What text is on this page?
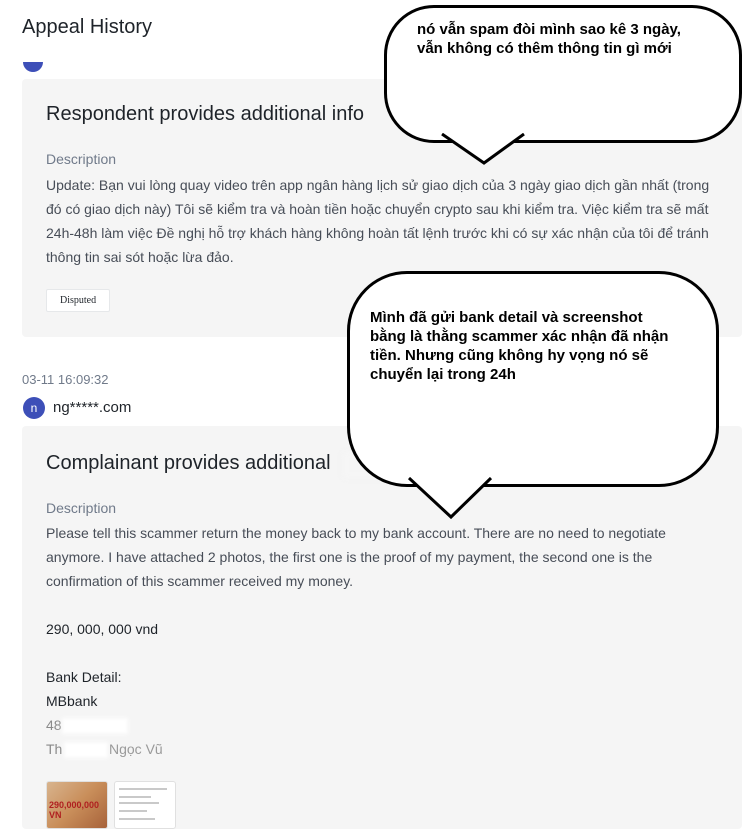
Appeal History
Respondent provides additional info
Description
Update: Bạn vui lòng quay video trên app ngân hàng lịch sử giao dịch của 3 ngày giao dịch gần nhất (trong đó có giao dịch này) Tôi sẽ kiểm tra và hoàn tiền hoặc chuyển crypto sau khi kiểm tra. Việc kiểm tra sẽ mất 24h-48h làm việc Đề nghị hỗ trợ khách hàng không hoàn tất lệnh trước khi có sự xác nhận của tôi để tránh thông tin sai sót hoặc lừa đảo.
Disputed
03-11 16:09:32
n	ng*****.com
Complainant provides additional
Description
Please tell this scammer return the money back to my bank account. There are no need to negotiate anymore. I have attached 2 photos, the first one is the proof of my payment, the second one is the confirmation of this scammer received my money.
290, 000, 000 vnd
Bank Detail:
MBbank
48
Th	Ngọc Vũ
290,000,000 VN
nó vẫn spam đòi mình sao kê 3 ngày, vẫn không có thêm thông tin gì mới
Mình đã gửi bank detail và screenshot bằng là thằng scammer xác nhận đã nhận tiền. Nhưng cũng không hy vọng nó sẽ chuyển lại trong 24h
